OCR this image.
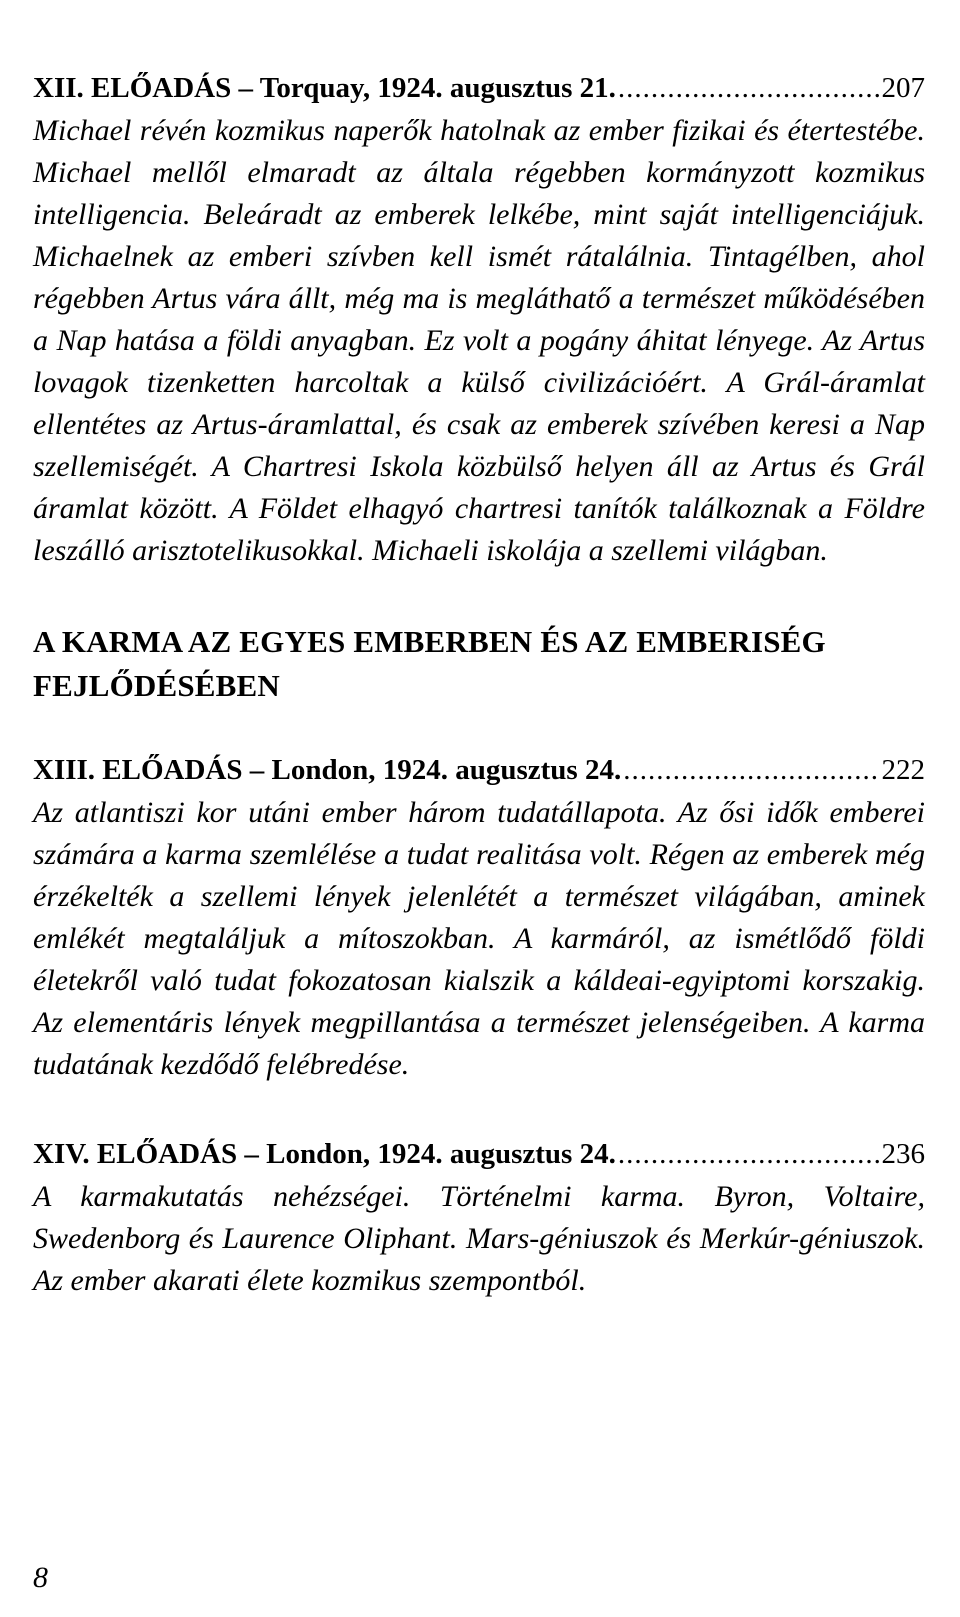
XII. ELŐADÁS – Torquay, 1924. augusztus 21. .....	207

Michael révén kozmikus naperők hatolnak az ember fizikai és étertestébe. Michael mellől elmaradt az általa régebben kormányzott kozmikus intelligencia. Beleáradt az emberek lelkébe, mint saját intelligenciájuk. Michaelnek az emberi szívben kell ismét rátalálnia. Tintagélben, ahol régebben Artus vára állt, még ma is megláthatő a természet működésében a Nap hatása a földi anyagban. Ez volt a pogány áhitat lényege. Az Artus lovagok tizenketten harcoltak a külső civilizációért. A Grál-áramlat ellentétes az Artus-áramlattal, és csak az emberek szívében keresi a Nap szellemiségét. A Chartresi Iskola közbülső helyen áll az Artus és Grál áramlat között. A Földet elhagyó chartresi tanítók találkoznak a Földre leszálló arisztotelikusokkal. Michaeli iskolája a szellemi világban.

A KARMA AZ EGYES EMBERBEN ÉS AZ EMBERISÉG FEJLŐDÉSÉBEN
XIII. ELŐADÁS – London, 1924. augusztus 24. .....	222

Az atlantiszi kor utáni ember három tudatállapota. Az ősi idők emberei számára a karma szemlélése a tudat realitása volt. Régen az emberek még érzékelték a szellemi lények jelenlétét a természet világában, aminek emlékét megtaláljuk a mítoszokban. A karmáról, az ismétlődő földi életekről való tudat fokozatosan kialszik a káldeai-egyiptomi korszakig. Az elementáris lények megpillantása a természet jelenségeiben. A karma tudatának kezdődő felébredése.

XIV. ELŐADÁS – London, 1924. augusztus 24. .....	236

A karmakutatás nehézségei. Történelmi karma. Byron, Voltaire, Swedenborg és Laurence Oliphant. Mars-géniuszok és Merkúr-géniuszok. Az ember akarati élete kozmikus szempontból.

8
